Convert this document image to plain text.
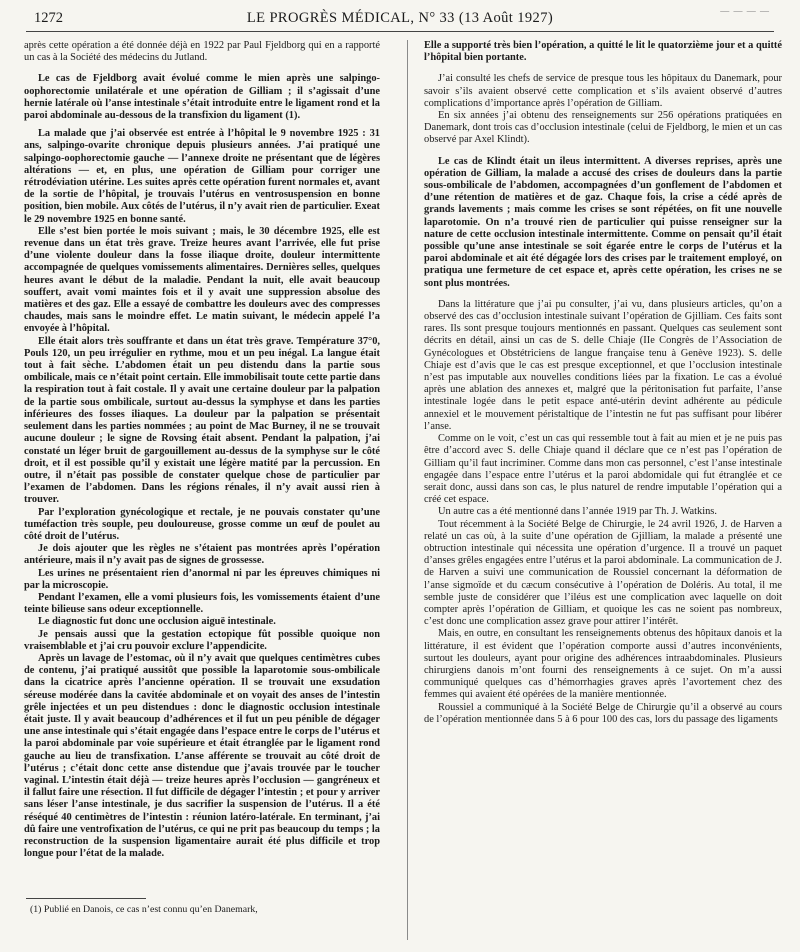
1272	LE PROGRÈS MÉDICAL, N° 33 (13 Août 1927)	— — — —

après cette opération a été donnée déjà en 1922 par Paul Fjeldborg qui en a rapporté un cas à la Société des médecins du Jutland.

Le cas de Fjeldborg avait évolué comme le mien après une salpingo-oophorectomie unilatérale et une opération de Gilliam ; il s’agissait d’une hernie latérale où l’anse intestinale s’était introduite entre le ligament rond et la paroi abdominale au-dessous de la transfixion du ligament (1).

La malade que j’ai observée est entrée à l’hôpital le 9 novembre 1925 : 31 ans, salpingo-ovarite chronique depuis plusieurs années. J’ai pratiqué une salpingo-oophorectomie gauche — l’annexe droite ne présentant que de légères altérations — et, en plus, une opération de Gilliam pour corriger une rétrodéviation utérine. Les suites après cette opération furent normales et, avant de la sortie de l’hôpital, je trouvais l’utérus en ventrosuspension en bonne position, bien mobile. Aux côtés de l’utérus, il n’y avait rien de particulier. Exeat le 29 novembre 1925 en bonne santé.

Elle s’est bien portée le mois suivant ; mais, le 30 décembre 1925, elle est revenue dans un état très grave. Treize heures avant l’arrivée, elle fut prise d’une violente douleur dans la fosse iliaque droite, douleur intermittente accompagnée de quelques vomissements alimentaires. Dernières selles, quelques heures avant le début de la maladie. Pendant la nuit, elle avait beaucoup souffert, avait vomi maintes fois et il y avait une suppression absolue des matières et des gaz. Elle a essayé de combattre les douleurs avec des compresses chaudes, mais sans le moindre effet. Le matin suivant, le médecin appelé l’a envoyée à l’hôpital.

Elle était alors très souffrante et dans un état très grave. Température 37°0, Pouls 120, un peu irrégulier en rythme, mou et un peu inégal. La langue était tout à fait sèche. L’abdomen était un peu distendu dans la partie sous ombilicale, mais ce n’était point certain. Elle immobilisait toute cette partie dans la respiration tout à fait costale. Il y avait une certaine douleur par la palpation de la partie sous ombilicale, surtout au-dessus la symphyse et dans les parties inférieures des fosses iliaques. La douleur par la palpation se présentait seulement dans les parties nommées ; au point de Mac Burney, il ne se trouvait aucune douleur ; le signe de Rovsing était absent. Pendant la palpation, j’ai constaté un léger bruit de gargouillement au-dessus de la symphyse sur le côté droit, et il est possible qu’il y existait une légère matité par la percussion. En outre, il n’était pas possible de constater quelque chose de particulier par l’examen de l’abdomen. Dans les régions rénales, il n’y avait aussi rien à trouver.

Par l’exploration gynécologique et rectale, je ne pouvais constater qu’une tuméfaction très souple, peu douloureuse, grosse comme un œuf de poulet au côté droit de l’utérus.

Je dois ajouter que les règles ne s’étaient pas montrées après l’opération antérieure, mais il n’y avait pas de signes de grossesse.

Les urines ne présentaient rien d’anormal ni par les épreuves chimiques ni par la microscopie.

Pendant l’examen, elle a vomi plusieurs fois, les vomissements étaient d’une teinte bilieuse sans odeur exceptionnelle.

Le diagnostic fut donc une occlusion aiguë intestinale.

Je pensais aussi que la gestation ectopique fût possible quoique non vraisemblable et j’ai cru pouvoir exclure l’appendicite.

Après un lavage de l’estomac, où il n’y avait que quelques centimètres cubes de contenu, j’ai pratiqué aussitôt que possible la laparotomie sous-ombilicale dans la cicatrice après l’ancienne opération. Il se trouvait une exsudation séreuse modérée dans la cavitée abdominale et on voyait des anses de l’intestin grêle injectées et un peu distendues : donc le diagnostic occlusion intestinale était juste. Il y avait beaucoup d’adhérences et il fut un peu pénible de dégager une anse intestinale qui s’était engagée dans l’espace entre le corps de l’utérus et la paroi abdominale par voie supérieure et était étranglée par le ligament rond gauche au lieu de transfixation. L’anse afférente se trouvait au côté droit de l’utérus ; c’était donc cette anse distendue que j’avais trouvée par le toucher vaginal. L’intestin était déjà — treize heures après l’occlusion — gangréneux et il fallut faire une résection. Il fut difficile de dégager l’intestin ; et pour y arriver sans léser l’anse intestinale, je dus sacrifier la suspension de l’utérus. Il a été réséqué 40 centimètres de l’intestin : réunion latéro-latérale. En terminant, j’ai dû faire une ventrofixation de l’utérus, ce qui ne prit pas beaucoup du temps ; la reconstruction de la suspension ligamentaire aurait été plus difficile et trop longue pour l’état de la malade.

Elle a supporté très bien l’opération, a quitté le lit le quatorzième jour et a quitté l’hôpital bien portante.

J’ai consulté les chefs de service de presque tous les hôpitaux du Danemark, pour savoir s’ils avaient observé cette complication et s’ils avaient observé d’autres complications d’importance après l’opération de Gilliam.

En six années j’ai obtenu des renseignements sur 256 opérations pratiquées en Danemark, dont trois cas d’occlusion intestinale (celui de Fjeldborg, le mien et un cas observé par Axel Klindt).

Le cas de Klindt était un ileus intermittent. A diverses reprises, après une opération de Gilliam, la malade a accusé des crises de douleurs dans la partie sous-ombilicale de l’abdomen, accompagnées d’un gonflement de l’abdomen et d’une rétention de matières et de gaz. Chaque fois, la crise a cédé après de grands lavements ; mais comme les crises se sont répétées, on fit une nouvelle laparotomie. On n’a trouvé rien de particulier qui puisse renseigner sur la nature de cette occlusion intestinale intermittente. Comme on pensait qu’il était possible qu’une anse intestinale se soit égarée entre le corps de l’utérus et la paroi abdominale et ait été dégagée lors des crises par le traitement employé, on pratiqua une fermeture de cet espace et, après cette opération, les crises ne se sont plus montrées.

Dans la littérature que j’ai pu consulter, j’ai vu, dans plusieurs articles, qu’on a observé des cas d’occlusion intestinale suivant l’opération de Gjilliam. Ces faits sont rares. Ils sont presque toujours mentionnés en passant. Quelques cas seulement sont décrits en détail, ainsi un cas de S. delle Chiaje (IIe Congrès de l’Association de Gynécologues et Obstétriciens de langue française tenu à Genève 1923). S. delle Chiaje est d’avis que le cas est presque exceptionnel, et que l’occlusion intestinale n’est pas imputable aux nouvelles conditions liées par la fixation. Le cas a évolué après une ablation des annexes et, malgré que la péritonisation fut parfaite, l’anse intestinale logée dans le petit espace anté-utérin devint adhérente au pédicule annexiel et le mouvement péristaltique de l’intestin ne fut pas suffisant pour libérer l’anse.

Comme on le voit, c’est un cas qui ressemble tout à fait au mien et je ne puis pas être d’accord avec S. delle Chiaje quand il déclare que ce n’est pas l’opération de Gilliam qu’il faut incriminer. Comme dans mon cas personnel, c’est l’anse intestinale engagée dans l’espace entre l’utérus et la paroi abdomidale qui fut étranglée et ce serait donc, aussi dans son cas, le plus naturel de rendre imputable l’opération qui a créé cet espace.

Un autre cas a été mentionné dans l’année 1919 par Th. J. Watkins.

Tout récemment à la Société Belge de Chirurgie, le 24 avril 1926, J. de Harven a relaté un cas où, à la suite d’une opération de Gjilliam, la malade a présenté une obtruction intestinale qui nécessita une opération d’urgence. Il a trouvé un paquet d’anses grêles engagées entre l’utérus et la paroi abdominale. La communication de J. de Harven a suivi une communication de Roussiel concernant la déformation de l’anse sigmoïde et du cæcum consécutive à l’opération de Doléris. Au total, il me semble juste de considérer que l’iléus est une complication avec laquelle on doit compter après l’opération de Gilliam, et quoique les cas ne soient pas nombreux, c’est donc une complication assez grave pour attirer l’intérêt.

Mais, en outre, en consultant les renseignements obtenus des hôpitaux danois et la littérature, il est évident que l’opération comporte aussi d’autres inconvénients, surtout les douleurs, ayant pour origine des adhérences intraabdominales. Plusieurs chirurgiens danois m’ont fourni des renseignements à ce sujet. On m’a aussi communiqué quelques cas d’hémorrhagies graves après l’avortement chez des femmes qui avaient été opérées de la manière mentionnée.

Roussiel a communiqué à la Société Belge de Chirurgie qu’il a observé au cours de l’opération mentionnée dans 5 à 6 pour 100 des cas, lors du passage des ligaments

(1) Publié en Danois, ce cas n’est connu qu’en Danemark,
